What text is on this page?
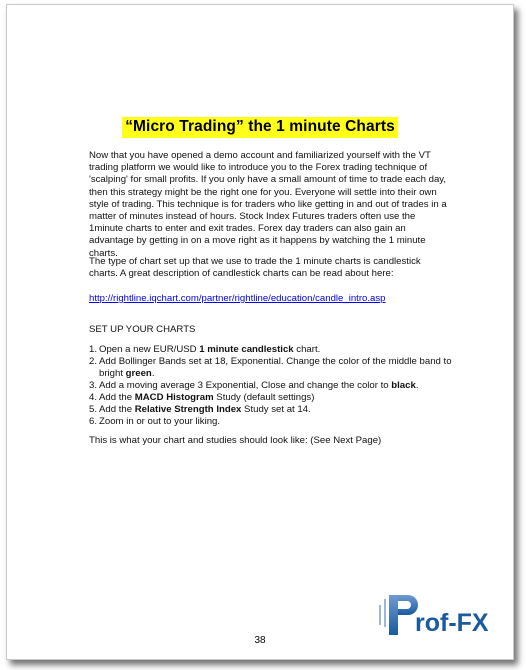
“Micro Trading” the 1 minute Charts
Now that you have opened a demo account and familiarized yourself with the VT trading platform we would like to introduce you to the Forex trading technique of 'scalping' for small profits. If you only have a small amount of time to trade each day, then this strategy might be the right one for you. Everyone will settle into their own style of trading. This technique is for traders who like getting in and out of trades in a matter of minutes instead of hours. Stock Index Futures traders often use the 1minute charts to enter and exit trades. Forex day traders can also gain an advantage by getting in on a move right as it happens by watching the 1 minute charts.
The type of chart set up that we use to trade the 1 minute charts is candlestick charts. A great description of candlestick charts can be read about here:
http://rightline.iqchart.com/partner/rightline/education/candle_intro.asp
SET UP YOUR CHARTS
1. Open a new EUR/USD 1 minute candlestick chart.
2. Add Bollinger Bands set at 18, Exponential. Change the color of the middle band to bright green.
3. Add a moving average 3 Exponential, Close and change the color to black.
4. Add the MACD Histogram Study (default settings)
5. Add the Relative Strength Index Study set at 14.
6. Zoom in or out to your liking.
This is what your chart and studies should look like: (See Next Page)
rof-FX
38
